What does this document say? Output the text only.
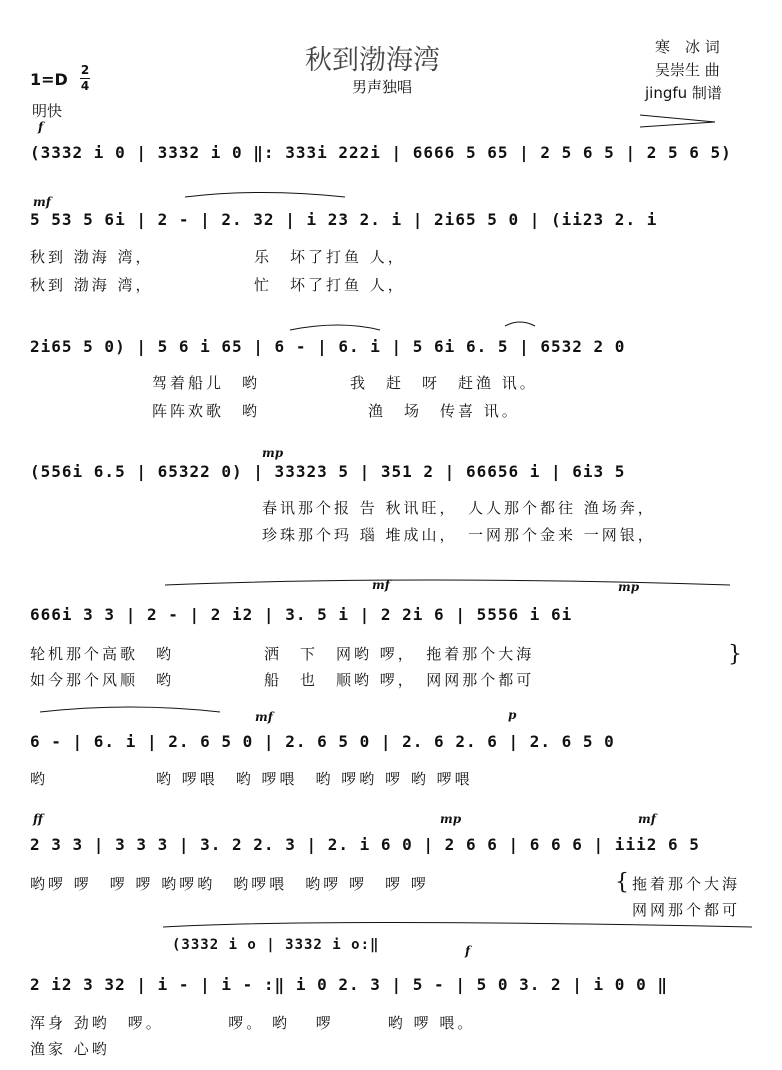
秋到渤海湾
男声独唱
寒　冰 词
吴崇生 曲
jingfu 制谱
1=D 2
4
明快
f
(3332 i 0 | 3332 i 0 ‖: 333i 222i | 6666 5 65 | 2 5 6 5 | 2 5 6 5)
mf
5 53 5 6i | 2 - | 2. 32 | i 23 2. i | 2i65 5 0 | (ii23 2. i
秋到 渤海 湾，　　　　　　乐　坏了打鱼 人，
秋到 渤海 湾，　　　　　　忙　坏了打鱼 人，
2i65 5 0) | 5 6 i 65 | 6 - | 6. i | 5 6i 6. 5 | 6532 2 0
驾着船儿　哟　　　　　我　赶　呀　赶渔 讯。
阵阵欢歌　哟　　　　　　渔　场　传喜 讯。
mp
(556i 6.5 | 65322 0) | 33323 5 | 351 2 | 66656 i | 6i3 5
春讯那个报 告 秋讯旺，　人人那个都往 渔场奔，
珍珠那个玛 瑙 堆成山，　一网那个金来 一网银，
mf	mp
666i 3 3 | 2 - | 2 i2 | 3. 5 i | 2 2i 6 | 5556 i 6i
轮机那个高歌　哟　　　　　洒　下　网哟 啰，　拖着那个大海
如今那个风顺　哟　　　　　船　也　顺哟 啰，　网网那个都可
}
mf	p
6 - | 6. i | 2. 6 5 0 | 2. 6 5 0 | 2. 6 2. 6 | 2. 6 5 0
哟　　　　　　哟 啰喂　哟 啰喂　哟 啰哟 啰 哟 啰喂
ff	mp	mf
2 3 3 | 3 3 3 | 3. 2 2. 3 | 2. i 6 0 | 2 6 6 | 6 6 6 | iii2 6 5
哟啰 啰　啰 啰 哟啰哟　哟啰喂　哟啰 啰　啰 啰	{ 拖着那个大海
网网那个都可
(3332 i o | 3332 i o:‖	f
2 i2 3 32 | i - | i - :‖ i 0 2. 3 | 5 - | 5 0 3. 2 | i 0 0 ‖
浑身 劲哟　啰。　　　　啰。 哟　 啰　　　哟 啰 喂。
渔家 心哟
